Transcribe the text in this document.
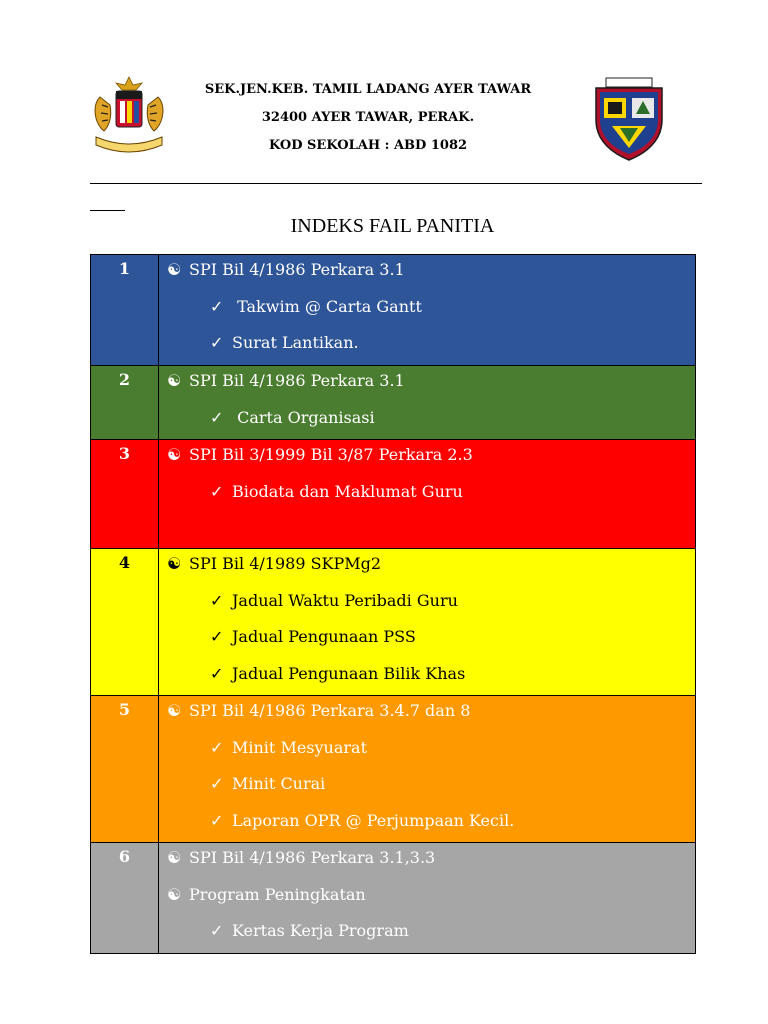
SEK.JEN.KEB. TAMIL LADANG AYER TAWAR
32400 AYER TAWAR, PERAK.
KOD SEKOLAH : ABD 1082
INDEKS FAIL PANITIA
1	☯ SPI Bil 4/1986 Perkara 3.1
✓ Takwim @ Carta Gantt
✓ Surat Lantikan.

2	☯ SPI Bil 4/1986 Perkara 3.1
✓ Carta Organisasi

3	☯ SPI Bil 3/1999 Bil 3/87 Perkara 2.3
✓ Biodata dan Maklumat Guru

4	☯ SPI Bil 4/1989 SKPMg2
✓ Jadual Waktu Peribadi Guru
✓ Jadual Pengunaan PSS
✓ Jadual Pengunaan Bilik Khas

5	☯ SPI Bil 4/1986 Perkara 3.4.7 dan 8
✓ Minit Mesyuarat
✓ Minit Curai
✓ Laporan OPR @ Perjumpaan Kecil.

6	☯ SPI Bil 4/1986 Perkara 3.1,3.3
☯ Program Peningkatan
✓ Kertas Kerja Program
